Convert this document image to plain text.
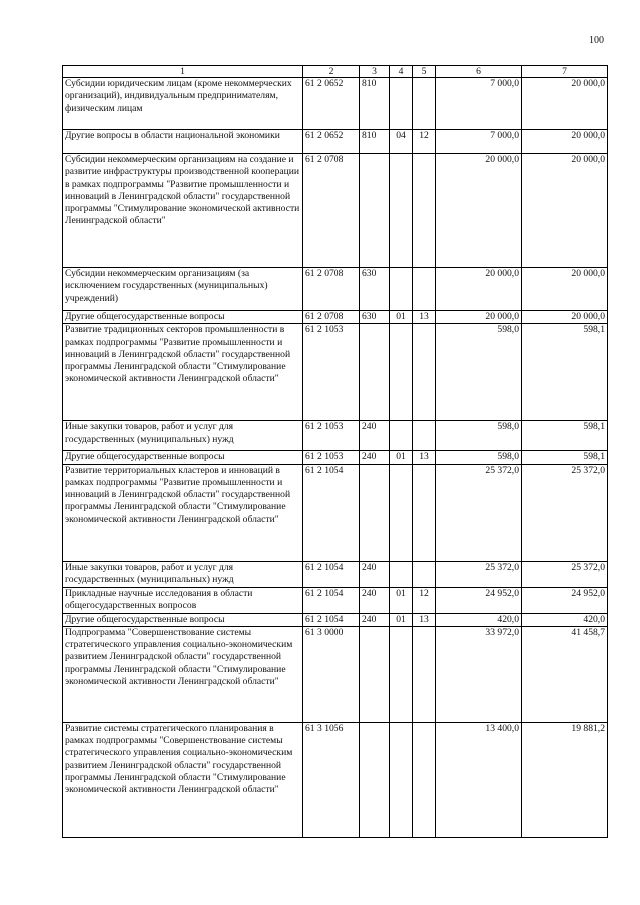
100
1	2	3	4	5	6	7
Субсидии юридическим лицам (кроме некоммерческих организаций), индивидуальным предпринимателям, физическим лицам	61 2 0652	810			7 000,0	20 000,0
Другие вопросы в области национальной экономики	61 2 0652	810	04	12	7 000,0	20 000,0
Субсидии некоммерческим организациям на создание и развитие инфраструктуры производственной кооперации в рамках подпрограммы "Развитие промышленности и инноваций в Ленинградской области" государственной программы "Стимулирование экономической активности Ленинградской области"	61 2 0708				20 000,0	20 000,0
Субсидии некоммерческим организациям (за исключением государственных (муниципальных) учреждений)	61 2 0708	630			20 000,0	20 000,0
Другие общегосударственные вопросы	61 2 0708	630	01	13	20 000,0	20 000,0
Развитие традиционных секторов промышленности в рамках подпрограммы "Развитие промышленности и инноваций в Ленинградской области" государственной программы Ленинградской области "Стимулирование экономической активности Ленинградской области"	61 2 1053				598,0	598,1
Иные закупки товаров, работ и услуг для государственных (муниципальных) нужд	61 2 1053	240			598,0	598,1
Другие общегосударственные вопросы	61 2 1053	240	01	13	598,0	598,1
Развитие территориальных кластеров и инноваций в рамках подпрограммы "Развитие промышленности и инноваций в Ленинградской области" государственной программы Ленинградской области "Стимулирование экономической активности Ленинградской области"	61 2 1054				25 372,0	25 372,0
Иные закупки товаров, работ и услуг для государственных (муниципальных) нужд	61 2 1054	240			25 372,0	25 372,0
Прикладные научные исследования в области общегосударственных вопросов	61 2 1054	240	01	12	24 952,0	24 952,0
Другие общегосударственные вопросы	61 2 1054	240	01	13	420,0	420,0
Подпрограмма "Совершенствование системы стратегического управления социально-экономическим развитием Ленинградской области" государственной программы Ленинградской области "Стимулирование экономической активности Ленинградской области"	61 3 0000				33 972,0	41 458,7
Развитие системы стратегического планирования в рамках подпрограммы "Совершенствование системы стратегического управления социально-экономическим развитием Ленинградской области" государственной программы Ленинградской области "Стимулирование экономической активности Ленинградской области"	61 3 1056				13 400,0	19 881,2
